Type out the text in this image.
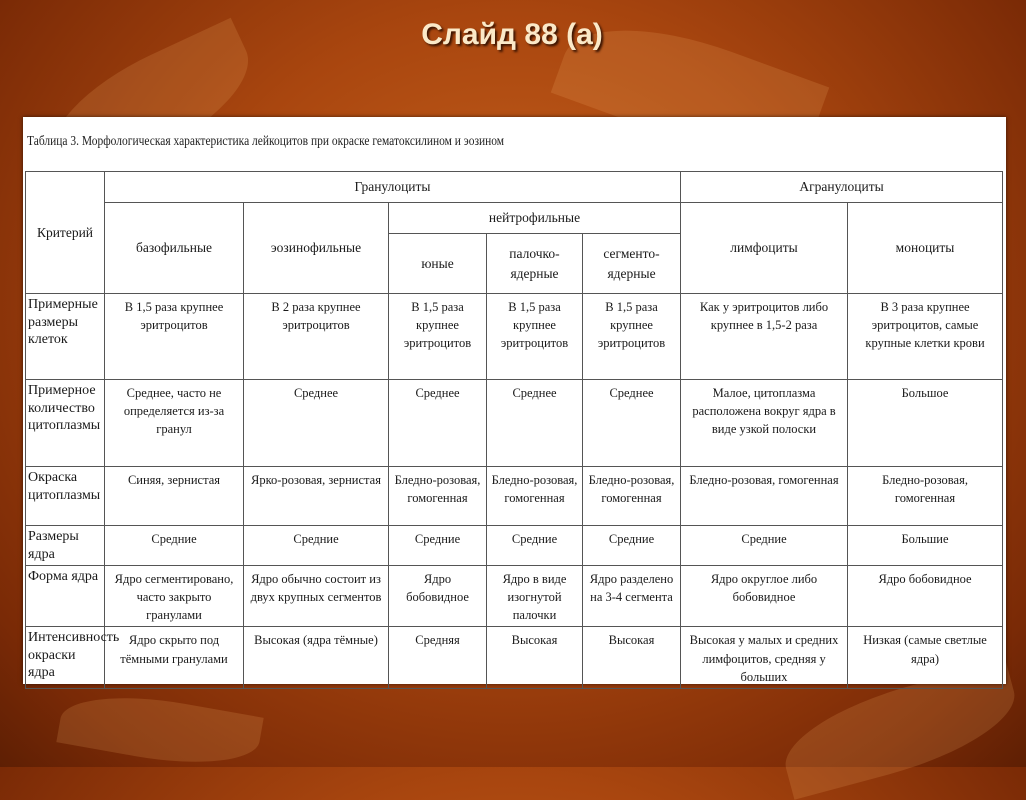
Слайд 88 (а)
Таблица 3. Морфологическая характеристика лейкоцитов при окраске гематоксилином и эозином
Критерий	Гранулоциты					Агранулоциты	
	базофильные	эозинофильные	нейтрофильные			лимфоциты	моноциты
			юные	палочко-ядерные	сегменто-ядерные		
Примерные размеры клеток	В 1,5 раза крупнее эритроцитов	В 2 раза крупнее эритроцитов	В 1,5 раза крупнее эритроцитов	В 1,5 раза крупнее эритроцитов	В 1,5 раза крупнее эритроцитов	Как у эритроцитов либо крупнее в 1,5-2 раза	В 3 раза крупнее эритроцитов, самые крупные клетки крови
Примерное количество цитоплазмы	Среднее, часто не определяется из-за гранул	Среднее	Среднее	Среднее	Среднее	Малое, цитоплазма расположена вокруг ядра в виде узкой полоски	Большое
Окраска цитоплазмы	Синяя, зернистая	Ярко-розовая, зернистая	Бледно-розовая, гомогенная	Бледно-розовая, гомогенная	Бледно-розовая, гомогенная	Бледно-розовая, гомогенная	Бледно-розовая, гомогенная
Размеры ядра	Средние	Средние	Средние	Средние	Средние	Средние	Большие
Форма ядра	Ядро сегментировано, часто закрыто гранулами	Ядро обычно состоит из двух крупных сегментов	Ядро бобовидное	Ядро в виде изогнутой палочки	Ядро разделено на 3-4 сегмента	Ядро округлое либо бобовидное	Ядро бобовидное
Интенсивность окраски ядра	Ядро скрыто под тёмными гранулами	Высокая (ядра тёмные)	Средняя	Высокая	Высокая	Высокая у малых и средних лимфоцитов, средняя у больших	Низкая (самые светлые ядра)
